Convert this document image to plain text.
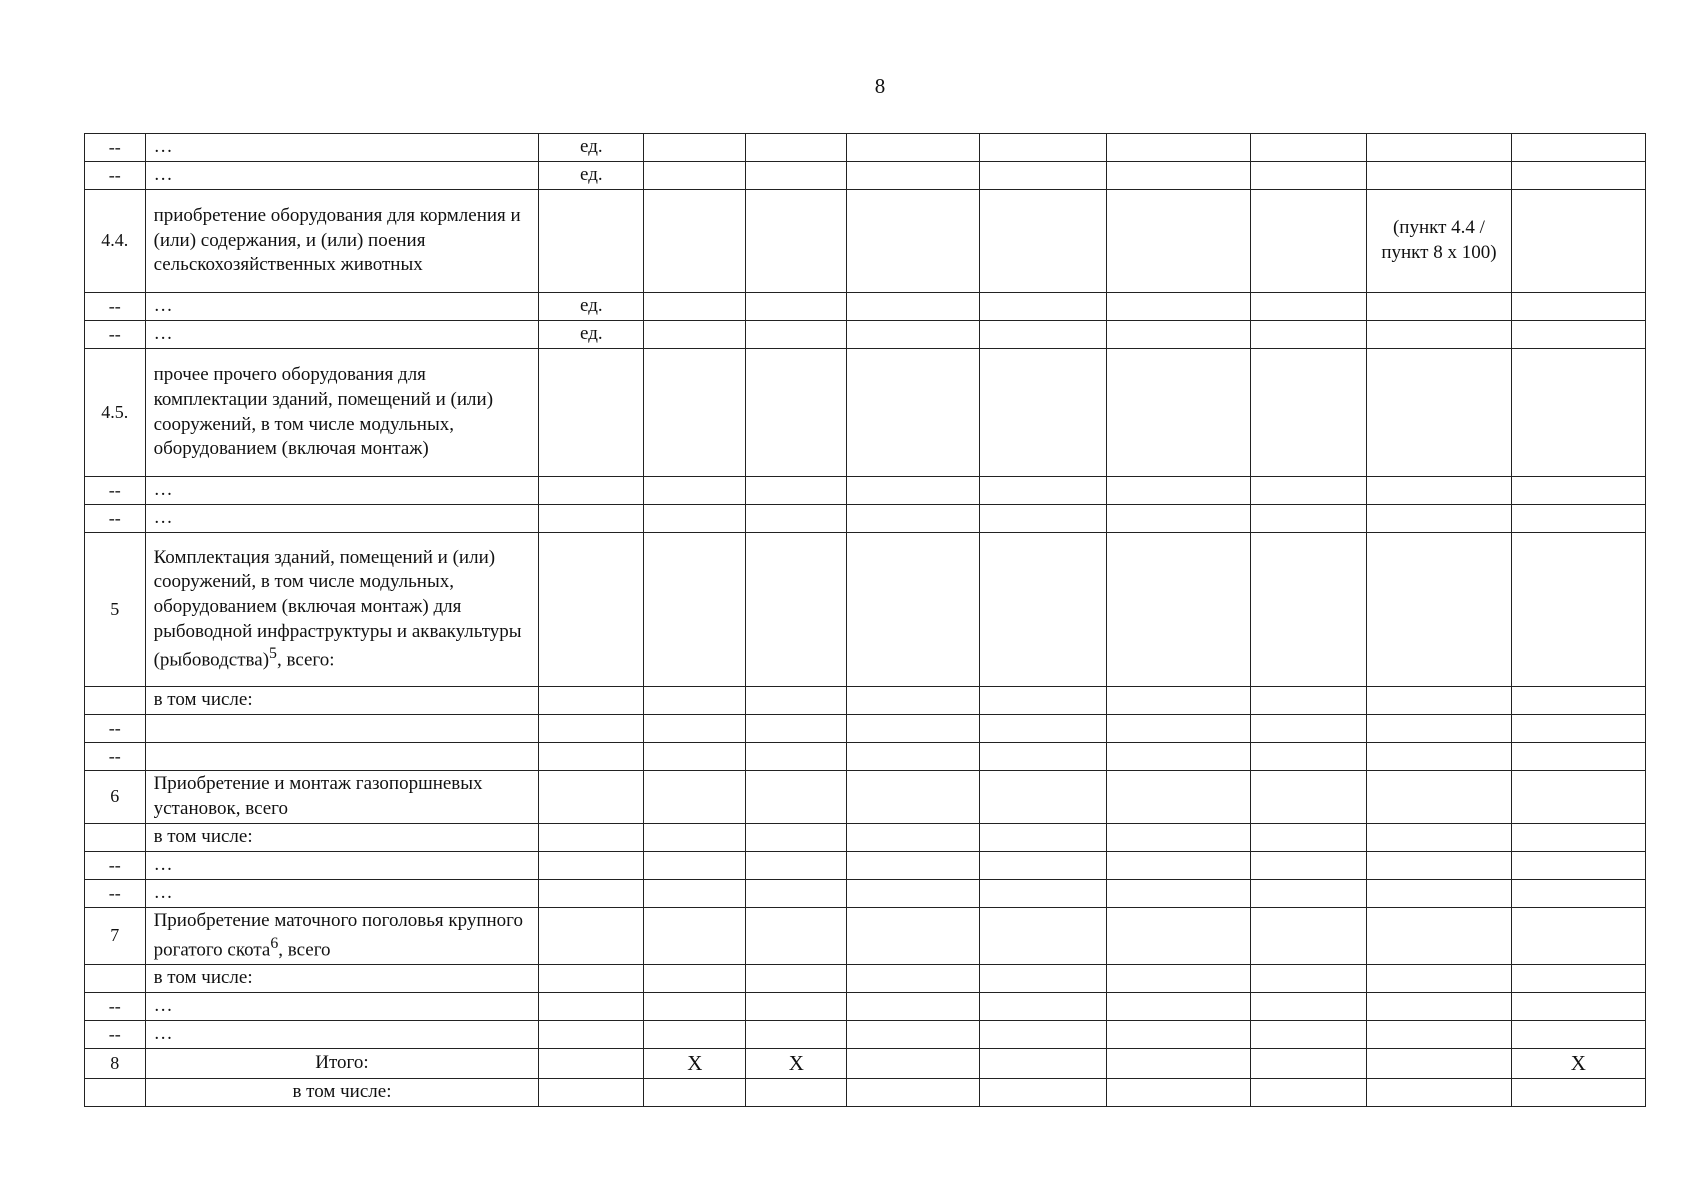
8
--	…	ед.								
--	…	ед.								
4.4.	приобретение оборудования для кормления и (или) содержания, и (или) поения сельскохозяйственных животных								(пункт 4.4 / пункт 8 х 100)	
--	…	ед.								
--	…	ед.								
4.5.	прочее прочего оборудования для комплектации зданий, помещений и (или) сооружений, в том числе модульных, оборудованием (включая монтаж)									
--	…									
--	…									
5	Комплектация зданий, помещений и (или) сооружений, в том числе модульных, оборудованием (включая монтаж) для рыбоводной инфраструктуры и аквакультуры (рыбоводства)$^5$, всего:									
	в том числе:									
--										
--										
6	Приобретение и монтаж газопоршневых установок, всего									
	в том числе:									
--	…									
--	…									
7	Приобретение маточного поголовья крупного рогатого скота$^6$, всего									
	в том числе:									
--	…									
--	…									
8	Итого:		X	X						X
	в том числе:									
